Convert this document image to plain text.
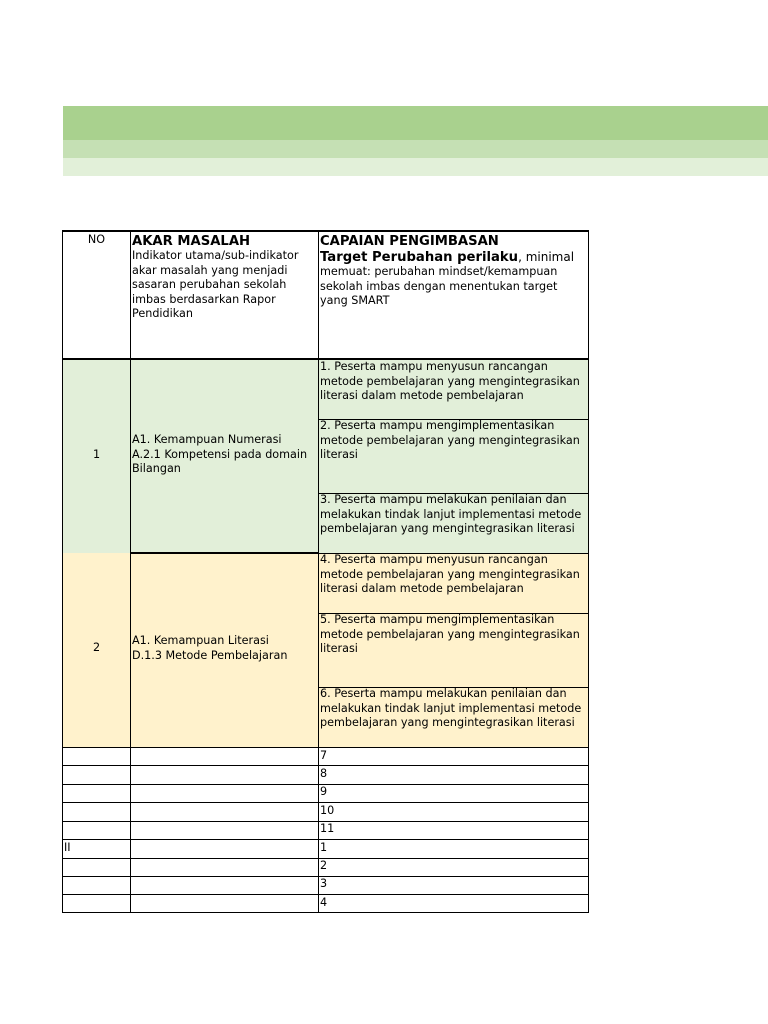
NO	AKAR MASALAH
Indikator utama/sub-indikator akar masalah yang menjadi sasaran perubahan sekolah imbas berdasarkan Rapor Pendidikan
CAPAIAN PENGIMBASAN
Target Perubahan perilaku, minimal
memuat: perubahan mindset/kemampuan sekolah imbas dengan menentukan target yang SMART
1
A1. Kemampuan Numerasi
A.2.1 Kompetensi pada domain Bilangan
1. Peserta mampu menyusun rancangan metode pembelajaran yang mengintegrasikan literasi dalam metode pembelajaran
2. Peserta mampu mengimplementasikan metode pembelajaran yang mengintegrasikan literasi
3. Peserta mampu melakukan penilaian dan melakukan tindak lanjut implementasi metode pembelajaran yang mengintegrasikan literasi
2
A1. Kemampuan Literasi
D.1.3 Metode Pembelajaran
4. Peserta mampu menyusun rancangan metode pembelajaran yang mengintegrasikan literasi dalam metode pembelajaran
5. Peserta mampu mengimplementasikan metode pembelajaran yang mengintegrasikan literasi
6. Peserta mampu melakukan penilaian dan melakukan tindak lanjut implementasi metode pembelajaran yang mengintegrasikan literasi
7
8
9
10
11
II	1
2
3
4
